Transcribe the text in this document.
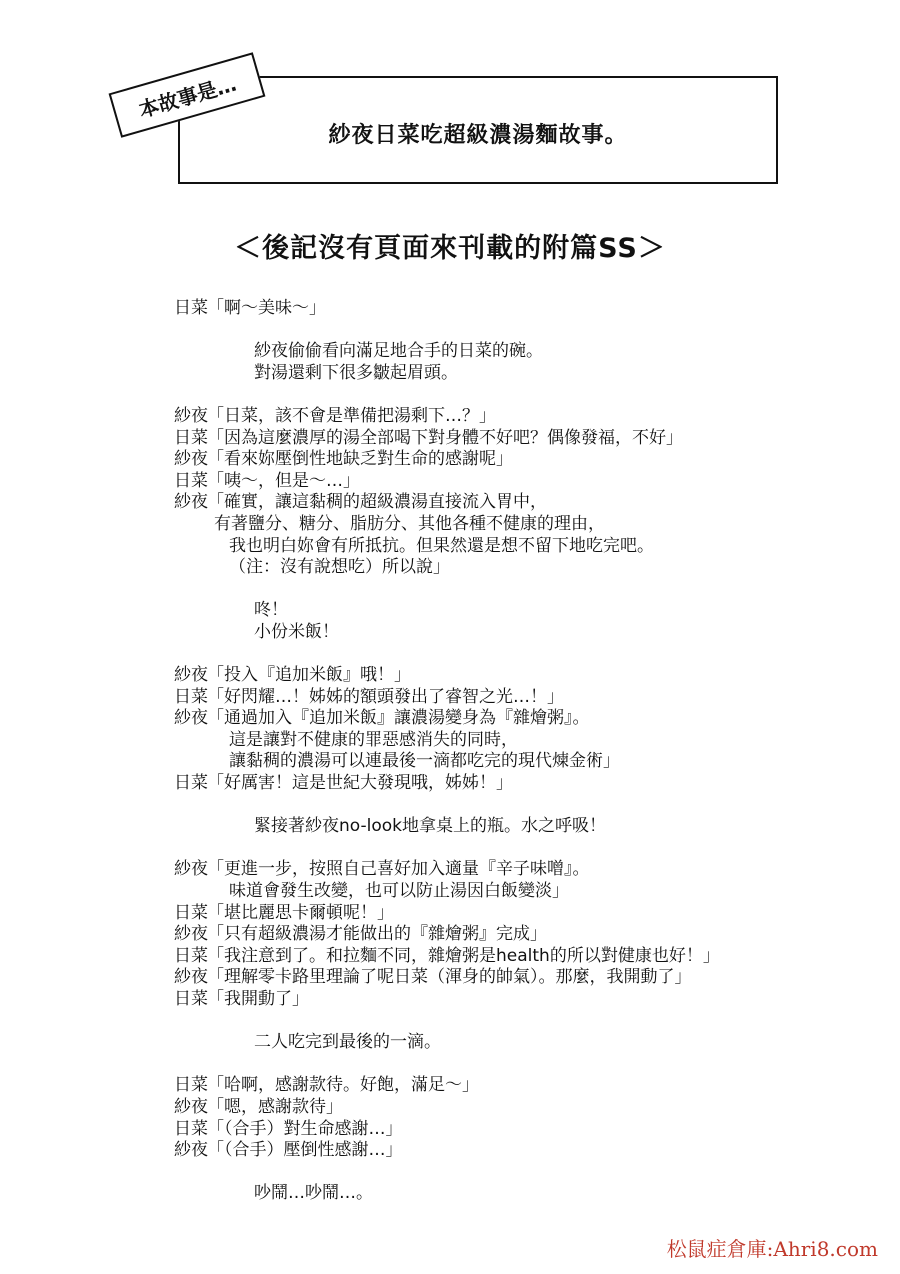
紗夜日菜吃超級濃湯麵故事。
本故事是…
＜後記沒有頁面來刊載的附篇SS＞
日菜「啊～美味～」
紗夜偷偷看向滿足地合手的日菜的碗。
對湯還剩下很多皺起眉頭。
紗夜「日菜，該不會是準備把湯剩下…？」
日菜「因為這麼濃厚的湯全部喝下對身體不好吧？偶像發福，不好」
紗夜「看來妳壓倒性地缺乏對生命的感謝呢」
日菜「咦～，但是～…」
紗夜「確實，讓這黏稠的超級濃湯直接流入胃中，
有著鹽分、糖分、脂肪分、其他各種不健康的理由，
我也明白妳會有所抵抗。但果然還是想不留下地吃完吧。
（注：沒有說想吃）所以說」
咚！
小份米飯！
紗夜「投入『追加米飯』哦！」
日菜「好閃耀…！姊姊的額頭發出了睿智之光…！」
紗夜「通過加入『追加米飯』讓濃湯變身為『雜燴粥』。
這是讓對不健康的罪惡感消失的同時，
讓黏稠的濃湯可以連最後一滴都吃完的現代煉金術」
日菜「好厲害！這是世紀大發現哦，姊姊！」
緊接著紗夜no-look地拿桌上的瓶。水之呼吸！
紗夜「更進一步，按照自己喜好加入適量『辛子味噌』。
味道會發生改變，也可以防止湯因白飯變淡」
日菜「堪比麗思卡爾頓呢！」
紗夜「只有超級濃湯才能做出的『雜燴粥』完成」
日菜「我注意到了。和拉麵不同，雜燴粥是health的所以對健康也好！」
紗夜「理解零卡路里理論了呢日菜（渾身的帥氣）。那麼，我開動了」
日菜「我開動了」
二人吃完到最後的一滴。
日菜「哈啊，感謝款待。好飽，滿足～」
紗夜「嗯，感謝款待」
日菜「（合手）對生命感謝…」
紗夜「（合手）壓倒性感謝…」
吵鬧…吵鬧…。
松鼠症倉庫:Ahri8.com
